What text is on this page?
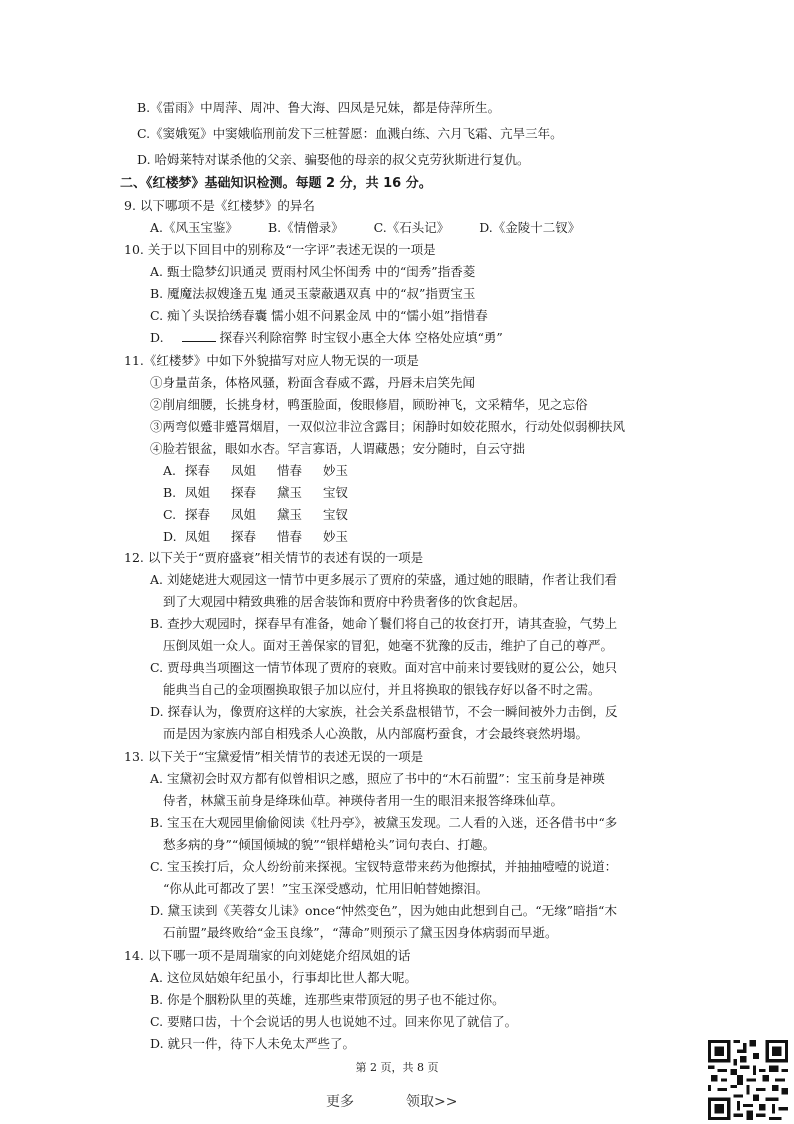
B.《雷雨》中周萍、周冲、鲁大海、四凤是兄妹，都是侍萍所生。
C.《窦娥冤》中窦娥临刑前发下三桩誓愿：血溅白练、六月飞霜、亢旱三年。
D. 哈姆莱特对谋杀他的父亲、骗娶他的母亲的叔父克劳狄斯进行复仇。
二、《红楼梦》基础知识检测。每题 2 分，共 16 分。
9. 以下哪项不是《红楼梦》的异名
A.《风玉宝鉴》 B.《情僧录》 C.《石头记》 D.《金陵十二钗》
10. 关于以下回目中的别称及“一字评”表述无误的一项是
A. 甄士隐梦幻识通灵 贾雨村风尘怀闺秀 中的“闺秀”指香菱
B. 魇魔法叔嫂逢五鬼 通灵玉蒙蔽遇双真 中的“叔”指贾宝玉
C. 痴丫头误拾绣春囊 懦小姐不问累金凤 中的“懦小姐”指惜春
D.	探春兴利除宿弊 时宝钗小惠全大体 空格处应填“勇”
11.《红楼梦》中如下外貌描写对应人物无误的一项是
①身量苗条，体格风骚，粉面含春威不露，丹唇未启笑先闻
②削肩细腰，长挑身材，鸭蛋脸面，俊眼修眉，顾盼神飞，文采精华，见之忘俗
③两弯似蹙非蹙罥烟眉，一双似泣非泣含露目；闲静时如姣花照水，行动处似弱柳扶风
④脸若银盆，眼如水杏。罕言寡语，人谓藏愚；安分随时，自云守拙
A. 探春 凤姐 惜春 妙玉
B. 凤姐 探春 黛玉 宝钗
C. 探春 凤姐 黛玉 宝钗
D. 凤姐 探春 惜春 妙玉
12. 以下关于“贾府盛衰”相关情节的表述有误的一项是
A. 刘姥姥进大观园这一情节中更多展示了贾府的荣盛，通过她的眼睛，作者让我们看
到了大观园中精致典雅的居舍装饰和贾府中矜贵奢侈的饮食起居。
B. 查抄大观园时，探春早有准备，她命丫鬟们将自己的妆奁打开，请其查验，气势上
压倒凤姐一众人。面对王善保家的冒犯，她毫不犹豫的反击，维护了自己的尊严。
C. 贾母典当项圈这一情节体现了贾府的衰败。面对宫中前来讨要钱财的夏公公，她只
能典当自己的金项圈换取银子加以应付，并且将换取的银钱存好以备不时之需。
D. 探春认为，像贾府这样的大家族，社会关系盘根错节，不会一瞬间被外力击倒，反
而是因为家族内部自相残杀人心涣散，从内部腐朽蚕食，才会最终衰然坍塌。
13. 以下关于“宝黛爱情”相关情节的表述无误的一项是
A. 宝黛初会时双方都有似曾相识之感，照应了书中的“木石前盟”：宝玉前身是神瑛
侍者，林黛玉前身是绛珠仙草。神瑛侍者用一生的眼泪来报答绛珠仙草。
B. 宝玉在大观园里偷偷阅读《牡丹亭》，被黛玉发现。二人看的入迷，还各借书中“多
愁多病的身”“倾国倾城的貌”“银样蜡枪头”词句表白、打趣。
C. 宝玉挨打后，众人纷纷前来探视。宝钗特意带来药为他擦拭，并抽抽噎噎的说道：
“你从此可都改了罢！”宝玉深受感动，忙用旧帕替她擦泪。
D. 黛玉读到《芙蓉女儿诔》once“忡然变色”，因为她由此想到自己。“无缘”暗指“木
石前盟”最终败给“金玉良缘”，“薄命”则预示了黛玉因身体病弱而早逝。
14. 以下哪一项不是周瑞家的向刘姥姥介绍凤姐的话
A. 这位凤姑娘年纪虽小，行事却比世人都大呢。
B. 你是个胭粉队里的英雄，连那些束带顶冠的男子也不能过你。
C. 要赌口齿，十个会说话的男人也说她不过。回来你见了就信了。
D. 就只一件，待下人未免太严些了。
第 2 页，共 8 页
更多	领取>>
